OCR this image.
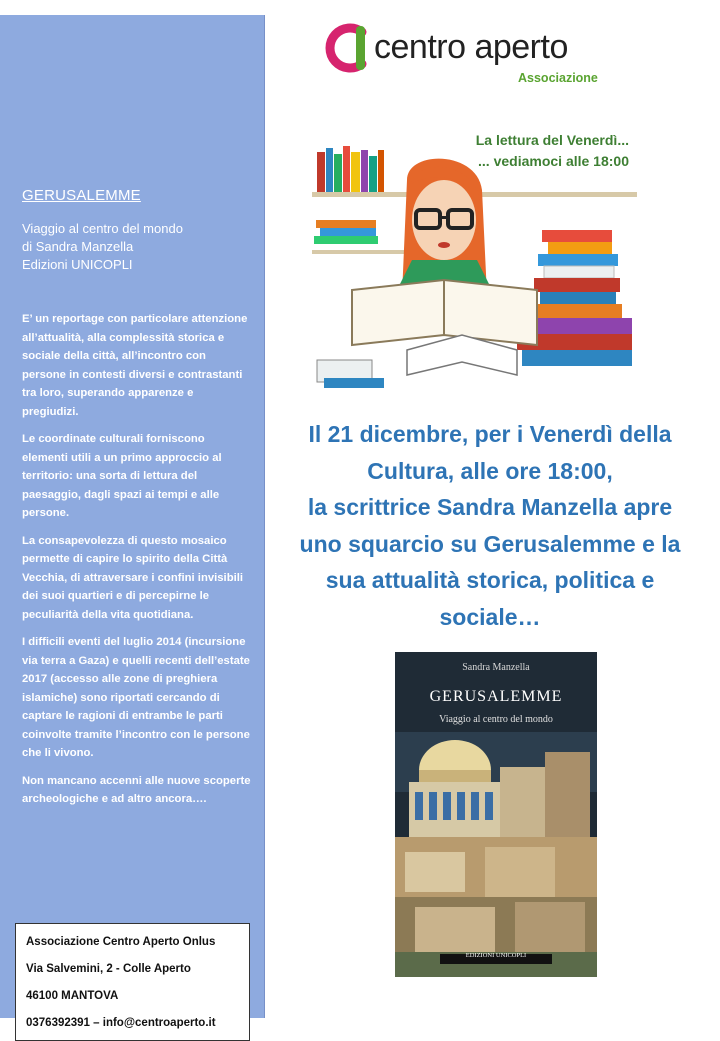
GERUSALEMME
Viaggio al centro del mondo
di Sandra Manzella
Edizioni UNICOPLI

E’ un reportage con particolare attenzione all’attualità, alla complessità storica e sociale della città, all’incontro con persone in contesti diversi e contrastanti tra loro, superando apparenze e pregiudizi.

Le coordinate culturali forniscono elementi utili a un primo approccio al territorio: una sorta di lettura del paesaggio, dagli spazi ai tempi e alle persone.

La consapevolezza di questo mosaico permette di capire lo spirito della Città Vecchia, di attraversare i confini invisibili dei suoi quartieri e di percepirne le peculiarità della vita quotidiana.

I difficili eventi del luglio 2014 (incursione via terra a Gaza) e quelli recenti dell’estate 2017 (accesso alle zone di preghiera islamiche) sono riportati cercando di captare le ragioni di entrambe le parti coinvolte tramite l’incontro con le persone che li vivono.

Non mancano accenni alle nuove scoperte archeologiche e ad altro ancora….

Associazione Centro Aperto Onlus
Via Salvemini, 2 - Colle Aperto
46100 MANTOVA
0376392391 – info@centroaperto.it
centro aperto
Associazione
La lettura del Venerdì...
... vediamoci alle 18:00
Il 21 dicembre, per i Venerdì della
Cultura, alle ore 18:00,
la scrittrice Sandra Manzella apre
uno squarcio su Gerusalemme e la
sua attualità storica, politica e
sociale…
Sandra Manzella
GERUSALEMME
Viaggio al centro del mondo
EDIZIONI UNICOPLI
